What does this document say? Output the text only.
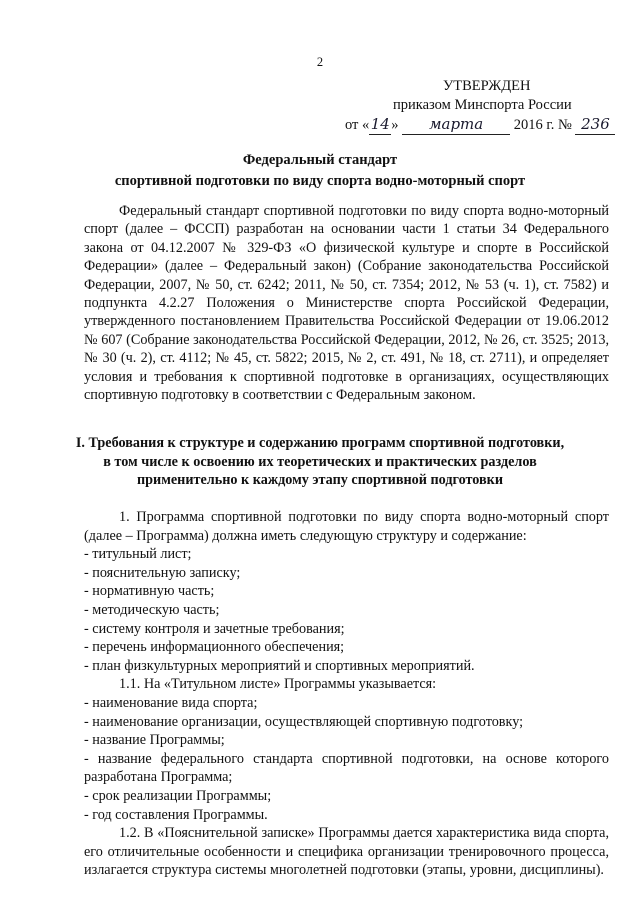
2
УТВЕРЖДЕН
приказом Минспорта России
от «14» марта 2016 г. № 236
Федеральный стандарт
спортивной подготовки по виду спорта водно-моторный спорт

Федеральный стандарт спортивной подготовки по виду спорта водно-моторный спорт (далее – ФССП) разработан на основании части 1 статьи 34 Федерального закона от 04.12.2007 № 329-ФЗ «О физической культуре и спорте в Российской Федерации» (далее – Федеральный закон) (Собрание законодательства Российской Федерации, 2007, № 50, ст. 6242; 2011, № 50, ст. 7354; 2012, № 53 (ч. 1), ст. 7582) и подпункта 4.2.27 Положения о Министерстве спорта Российской Федерации, утвержденного постановлением Правительства Российской Федерации от 19.06.2012 № 607 (Собрание законодательства Российской Федерации, 2012, № 26, ст. 3525; 2013, № 30 (ч. 2), ст. 4112; № 45, ст. 5822; 2015, № 2, ст. 491, № 18, ст. 2711), и определяет условия и требования к спортивной подготовке в организациях, осуществляющих спортивную подготовку в соответствии с Федеральным законом.

I. Требования к структуре и содержанию программ спортивной подготовки,
в том числе к освоению их теоретических и практических разделов
применительно к каждому этапу спортивной подготовки

1. Программа спортивной подготовки по виду спорта водно-моторный спорт (далее – Программа) должна иметь следующую структуру и содержание:

- титульный лист;

- пояснительную записку;

- нормативную часть;

- методическую часть;

- систему контроля и зачетные требования;

- перечень информационного обеспечения;

- план физкультурных мероприятий и спортивных мероприятий.

1.1. На «Титульном листе» Программы указывается:

- наименование вида спорта;

- наименование организации, осуществляющей спортивную подготовку;

- название Программы;

- название федерального стандарта спортивной подготовки, на основе которого разработана Программа;

- срок реализации Программы;

- год составления Программы.

1.2. В «Пояснительной записке» Программы дается характеристика вида спорта, его отличительные особенности и специфика организации тренировочного процесса, излагается структура системы многолетней подготовки (этапы, уровни, дисциплины).
